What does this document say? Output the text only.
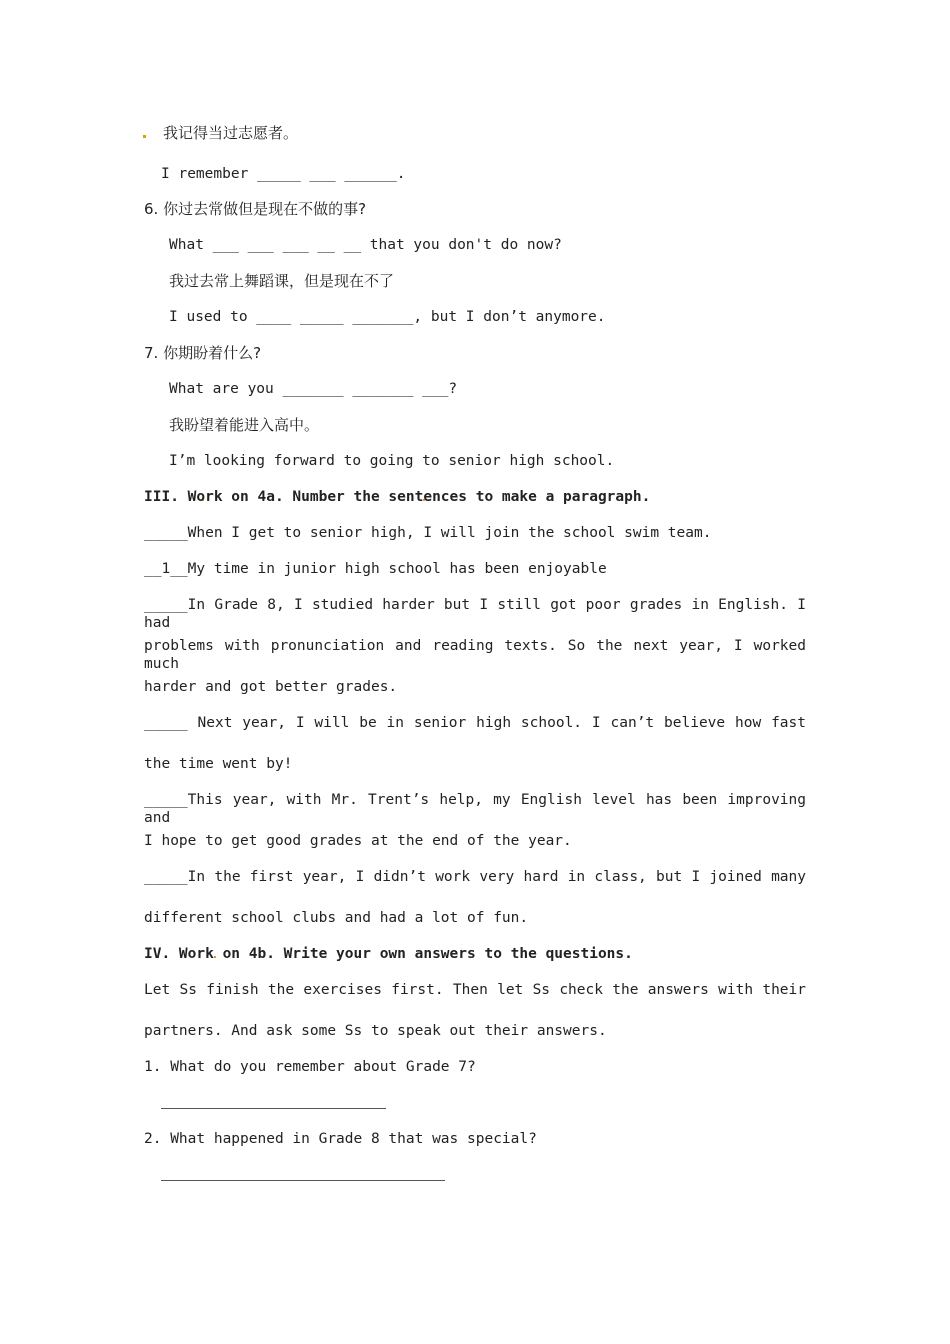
我记得当过志愿者。
I remember _____ ___ ______.
6. 你过去常做但是现在不做的事?
What ___ ___ ___ __ __ that you don't do now?
我过去常上舞蹈课，但是现在不了
I used to ____ _____ _______, but I don’t anymore.
7. 你期盼着什么?
What are you _______ _______ ___?
我盼望着能进入高中。
I’m looking forward to going to senior high school.
III. Work on 4a. Number the sentences to make a paragraph.
_____When I get to senior high, I will join the school swim team.
__1__My time in junior high school has been enjoyable
_____In Grade 8, I studied harder but I still got poor grades in English. I had
problems with pronunciation and reading texts. So the next year, I worked much
harder and got better grades.
_____ Next year, I will be in senior high school. I can’t believe how fast
the time went by!
_____This year, with Mr. Trent’s help, my English level has been improving and
I hope to get good grades at the end of the year.
_____In the first year, I didn’t work very hard in class, but I joined many
different school clubs and had a lot of fun.
IV. Work on 4b. Write your own answers to the questions.
Let Ss finish the exercises first. Then let Ss check the answers with their
partners. And ask some Ss to speak out their answers.
1. What do you remember about Grade 7?
2. What happened in Grade 8 that was special?
